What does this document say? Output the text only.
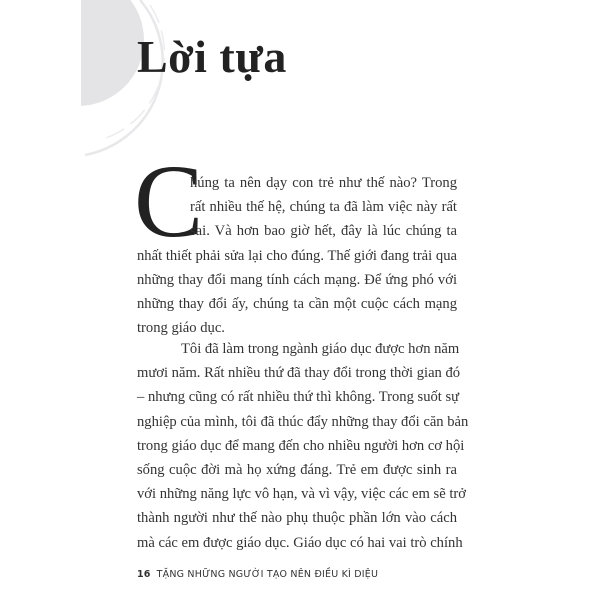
Lời tựa
C
húng ta nên dạy con trẻ như thế nào? Trong
rất nhiều thế hệ, chúng ta đã làm việc này rất
sai. Và hơn bao giờ hết, đây là lúc chúng ta
nhất thiết phải sửa lại cho đúng. Thế giới đang trải qua
những thay đổi mang tính cách mạng. Để ứng phó với
những thay đổi ấy, chúng ta cần một cuộc cách mạng
trong giáo dục.
Tôi đã làm trong ngành giáo dục được hơn năm
mươi năm. Rất nhiều thứ đã thay đổi trong thời gian đó
– nhưng cũng có rất nhiều thứ thì không. Trong suốt sự
nghiệp của mình, tôi đã thúc đẩy những thay đổi căn bản
trong giáo dục để mang đến cho nhiều người hơn cơ hội
sống cuộc đời mà họ xứng đáng. Trẻ em được sinh ra
với những năng lực vô hạn, và vì vậy, việc các em sẽ trở
thành người như thế nào phụ thuộc phần lớn vào cách
mà các em được giáo dục. Giáo dục có hai vai trò chính
16 TẶNG NHỮNG NGƯỜI TẠO NÊN ĐIỀU KÌ DIỆU
